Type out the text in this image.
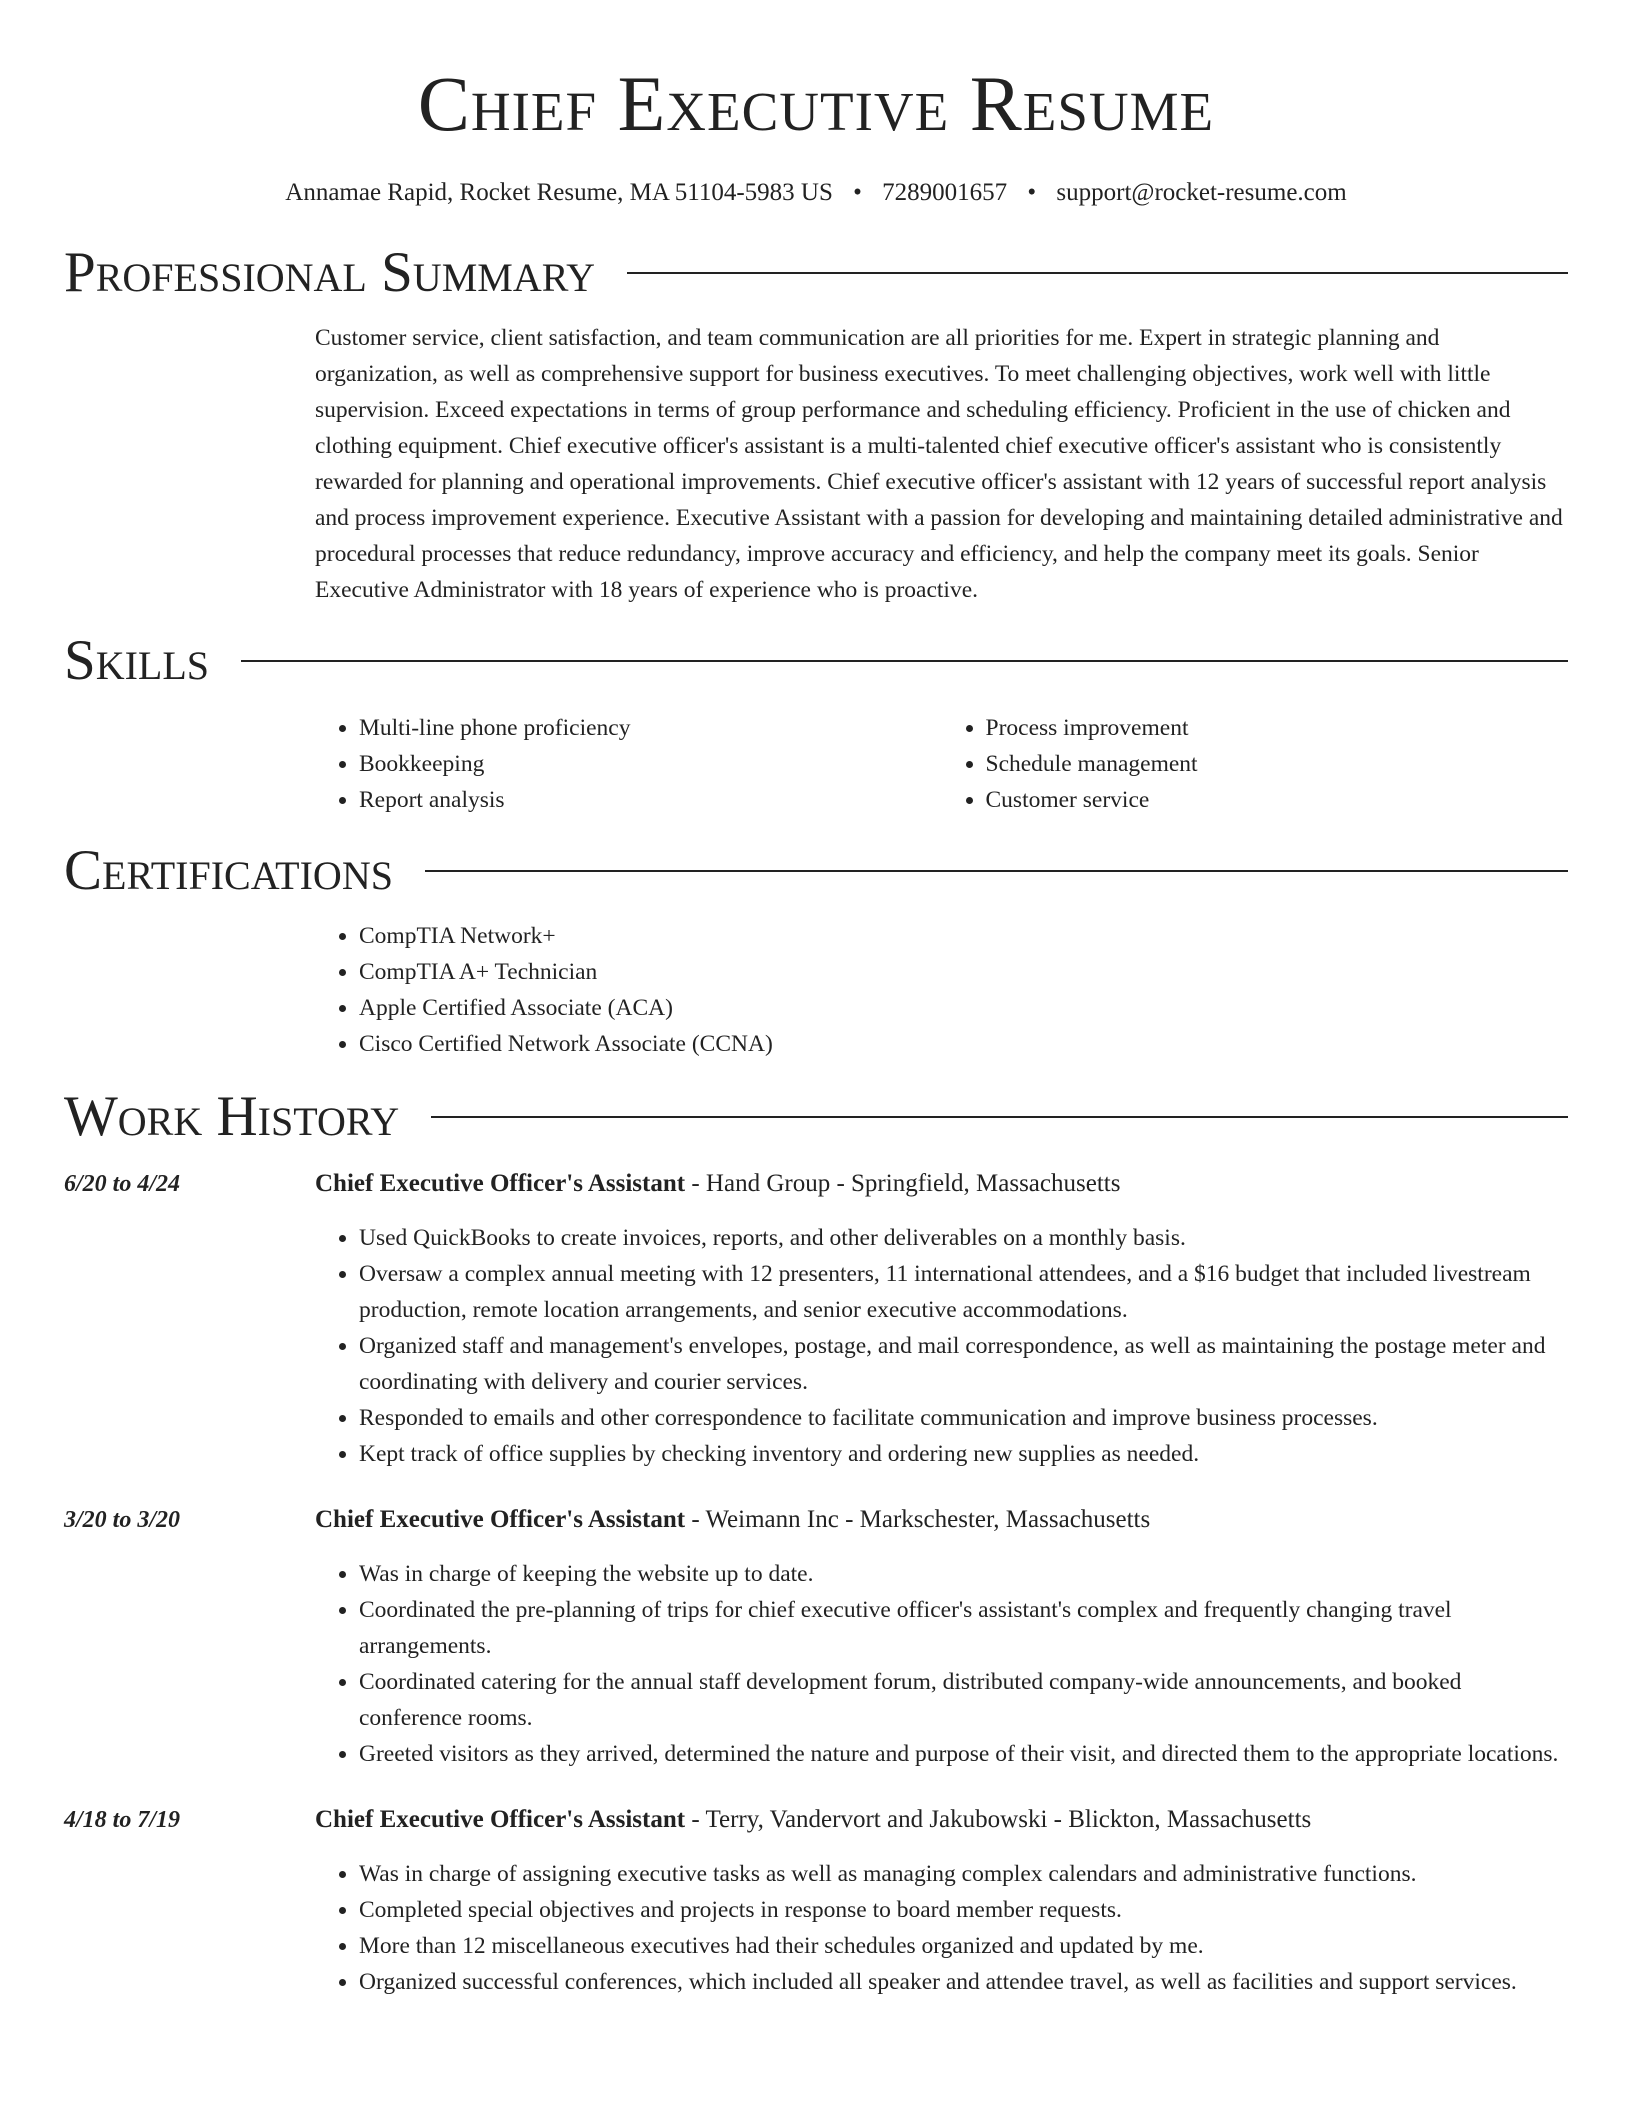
Chief Executive Resume
Annamae Rapid, Rocket Resume, MA 51104-5983 US • 7289001657 • support@rocket-resume.com
Professional Summary

Customer service, client satisfaction, and team communication are all priorities for me. Expert in strategic planning and organization, as well as comprehensive support for business executives. To meet challenging objectives, work well with little supervision. Exceed expectations in terms of group performance and scheduling efficiency. Proficient in the use of chicken and clothing equipment. Chief executive officer's assistant is a multi-talented chief executive officer's assistant who is consistently rewarded for planning and operational improvements. Chief executive officer's assistant with 12 years of successful report analysis and process improvement experience. Executive Assistant with a passion for developing and maintaining detailed administrative and procedural processes that reduce redundancy, improve accuracy and efficiency, and help the company meet its goals. Senior Executive Administrator with 18 years of experience who is proactive.

Skills
• Multi-line phone proficiency
• Bookkeeping
• Report analysis
• Process improvement
• Schedule management
• Customer service
Certifications
• CompTIA Network+
• CompTIA A+ Technician
• Apple Certified Associate (ACA)
• Cisco Certified Network Associate (CCNA)
Work History
6/20 to 4/24	Chief Executive Officer's Assistant - Hand Group - Springfield, Massachusetts
• Used QuickBooks to create invoices, reports, and other deliverables on a monthly basis.
• Oversaw a complex annual meeting with 12 presenters, 11 international attendees, and a $16 budget that included livestream production, remote location arrangements, and senior executive accommodations.
• Organized staff and management's envelopes, postage, and mail correspondence, as well as maintaining the postage meter and coordinating with delivery and courier services.
• Responded to emails and other correspondence to facilitate communication and improve business processes.
• Kept track of office supplies by checking inventory and ordering new supplies as needed.
3/20 to 3/20	Chief Executive Officer's Assistant - Weimann Inc - Markschester, Massachusetts
• Was in charge of keeping the website up to date.
• Coordinated the pre-planning of trips for chief executive officer's assistant's complex and frequently changing travel arrangements.
• Coordinated catering for the annual staff development forum, distributed company-wide announcements, and booked conference rooms.
• Greeted visitors as they arrived, determined the nature and purpose of their visit, and directed them to the appropriate locations.
4/18 to 7/19	Chief Executive Officer's Assistant - Terry, Vandervort and Jakubowski - Blickton, Massachusetts
• Was in charge of assigning executive tasks as well as managing complex calendars and administrative functions.
• Completed special objectives and projects in response to board member requests.
• More than 12 miscellaneous executives had their schedules organized and updated by me.
• Organized successful conferences, which included all speaker and attendee travel, as well as facilities and support services.
